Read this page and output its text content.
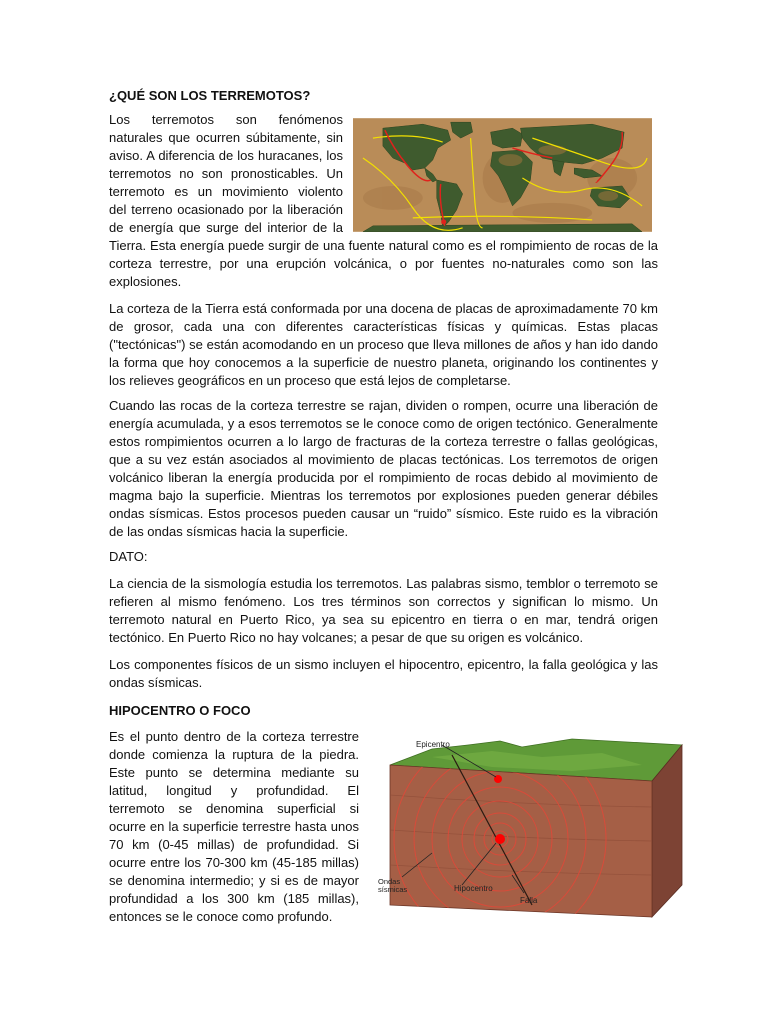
¿QUÉ SON LOS TERREMOTOS?

Los terremotos son fenómenos

naturales que ocurren súbitamente, sin

aviso. A diferencia de los huracanes, los

terremotos no son pronosticables. Un

terremoto es un movimiento violento

del terreno ocasionado por la liberación

de energía que surge del interior de la

Tierra. Esta energía puede surgir de una fuente natural como es el rompimiento de rocas de la corteza terrestre, por una erupción volcánica, o por fuentes no-naturales como son las explosiones.

La corteza de la Tierra está conformada por una docena de placas de aproximadamente 70 km de grosor, cada una con diferentes características físicas y químicas. Estas placas ("tectónicas") se están acomodando en un proceso que lleva millones de años y han ido dando la forma que hoy conocemos a la superficie de nuestro planeta, originando los continentes y los relieves geográficos en un proceso que está lejos de completarse.

Cuando las rocas de la corteza terrestre se rajan, dividen o rompen, ocurre una liberación de energía acumulada, y a esos terremotos se le conoce como de origen tectónico. Generalmente estos rompimientos ocurren a lo largo de fracturas de la corteza terrestre o fallas geológicas, que a su vez están asociados al movimiento de placas tectónicas. Los terremotos de origen volcánico liberan la energía producida por el rompimiento de rocas debido al movimiento de magma bajo la superficie. Mientras los terremotos por explosiones pueden generar débiles ondas sísmicas. Estos procesos pueden causar un “ruido” sísmico. Este ruido es la vibración de las ondas sísmicas hacia la superficie.

DATO:

La ciencia de la sismología estudia los terremotos. Las palabras sismo, temblor o terremoto se refieren al mismo fenómeno. Los tres términos son correctos y significan lo mismo. Un terremoto natural en Puerto Rico, ya sea su epicentro en tierra o en mar, tendrá origen tectónico. En Puerto Rico no hay volcanes; a pesar de que su origen es volcánico.

Los componentes físicos de un sismo incluyen el hipocentro, epicentro, la falla geológica y las ondas sísmicas.

HIPOCENTRO O FOCO

Es el punto dentro de la corteza terrestre

donde comienza la ruptura de la piedra.

Este punto se determina mediante su

latitud, longitud y profundidad. El

terremoto se denomina superficial si

ocurre en la superficie terrestre hasta unos

70 km (0-45 millas) de profundidad. Si

ocurre entre los 70-300 km (45-185 millas)

se denomina intermedio; y si es de mayor

profundidad a los 300 km (185 millas),

entonces se le conoce como profundo.

Epicentro
Hipocentro
Ondas
sísmicas
Falla
